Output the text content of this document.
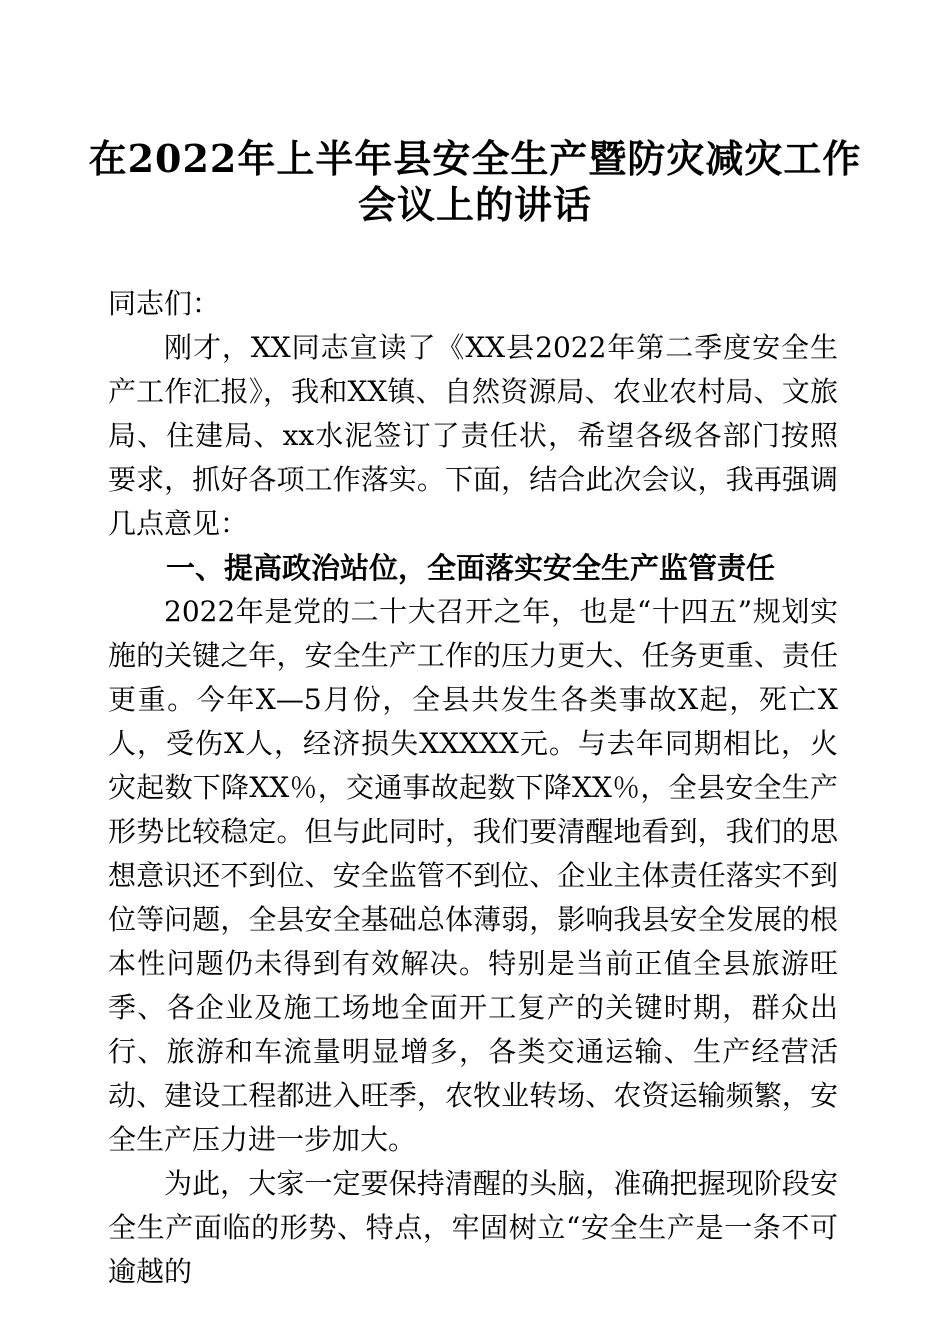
在2022年上半年县安全生产暨防灾减灾工作会议上的讲话

同志们：

刚才，XX同志宣读了《XX县2022年第二季度安全生产工作汇报》，我和XX镇、自然资源局、农业农村局、文旅局、住建局、xx水泥签订了责任状，希望各级各部门按照要求，抓好各项工作落实。下面，结合此次会议，我再强调几点意见：

一、提高政治站位，全面落实安全生产监管责任

2022年是党的二十大召开之年，也是“十四五”规划实施的关键之年，安全生产工作的压力更大、任务更重、责任更重。今年X—5月份，全县共发生各类事故X起，死亡X人，受伤X人，经济损失XXXXX元。与去年同期相比，火灾起数下降XX％，交通事故起数下降XX％，全县安全生产形势比较稳定。但与此同时，我们要清醒地看到，我们的思想意识还不到位、安全监管不到位、企业主体责任落实不到位等问题，全县安全基础总体薄弱，影响我县安全发展的根本性问题仍未得到有效解决。特别是当前正值全县旅游旺季、各企业及施工场地全面开工复产的关键时期，群众出行、旅游和车流量明显增多，各类交通运输、生产经营活动、建设工程都进入旺季，农牧业转场、农资运输频繁，安全生产压力进一步加大。

为此，大家一定要保持清醒的头脑，准确把握现阶段安全生产面临的形势、特点，牢固树立“安全生产是一条不可逾越的
